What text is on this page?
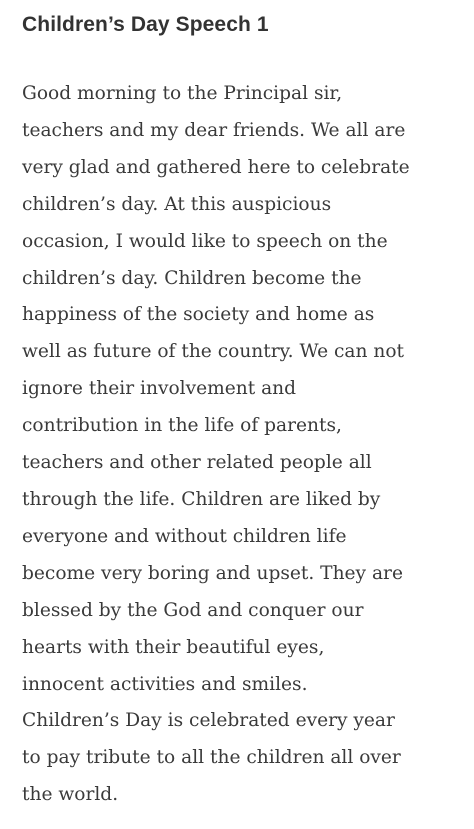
Children’s Day Speech 1

Good morning to the Principal sir,
teachers and my dear friends. We all are
very glad and gathered here to celebrate
children’s day. At this auspicious
occasion, I would like to speech on the
children’s day. Children become the
happiness of the society and home as
well as future of the country. We can not
ignore their involvement and
contribution in the life of parents,
teachers and other related people all
through the life. Children are liked by
everyone and without children life
become very boring and upset. They are
blessed by the God and conquer our
hearts with their beautiful eyes,
innocent activities and smiles.
Children’s Day is celebrated every year
to pay tribute to all the children all over
the world.
